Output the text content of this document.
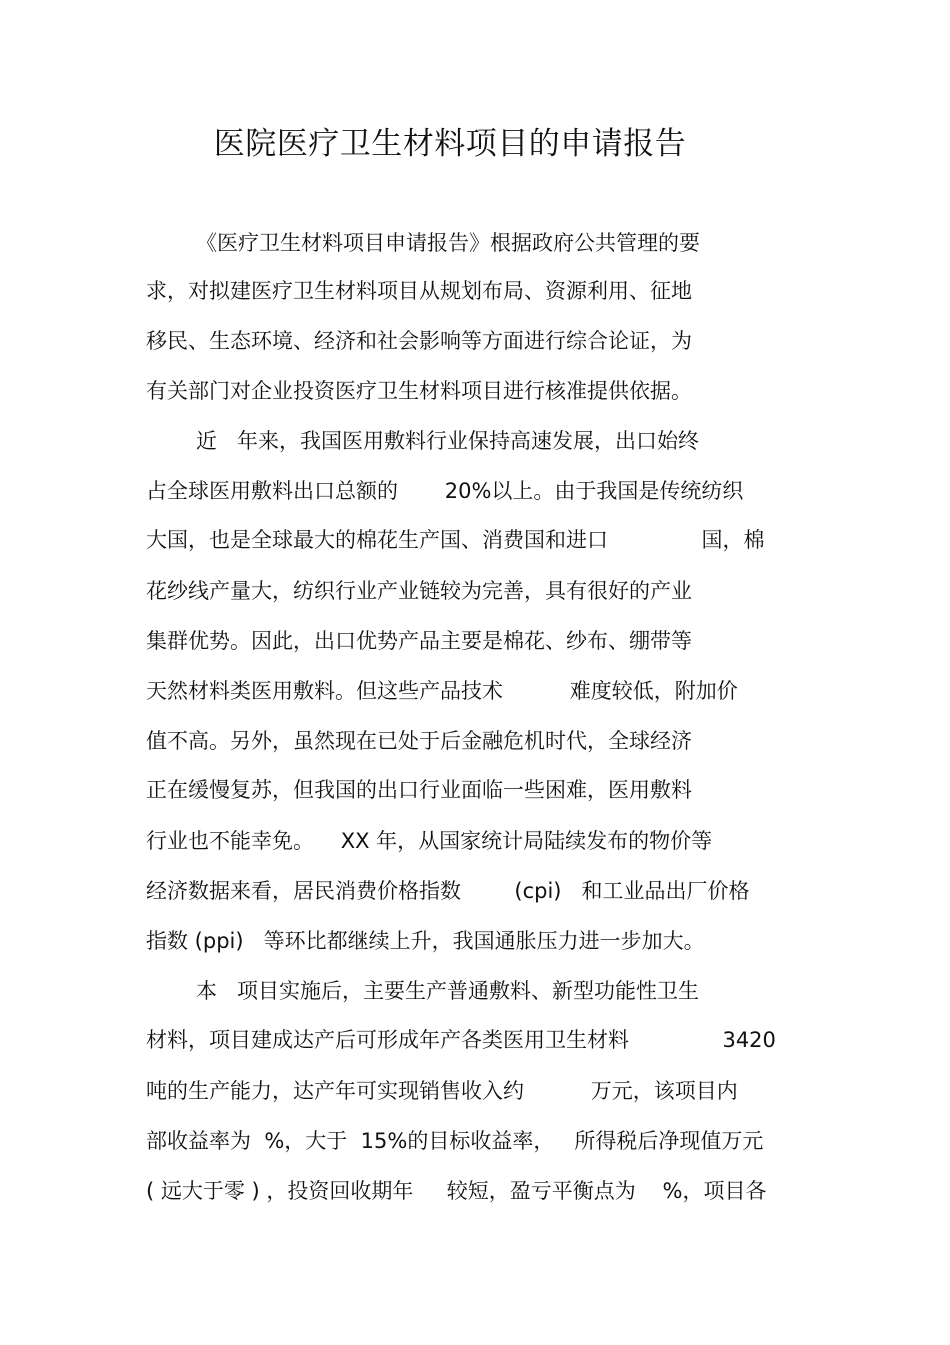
医院医疗卫生材料项目的申请报告
《医疗卫生材料项目申请报告》根据政府公共管理的要
求，对拟建医疗卫生材料项目从规划布局、资源利用、征地
移民、生态环境、经济和社会影响等方面进行综合论证，为
有关部门对企业投资医疗卫生材料项目进行核准提供依据。
近   年来，我国医用敷料行业保持高速发展，出口始终
占全球医用敷料出口总额的       20%以上。由于我国是传统纺织
大国，也是全球最大的棉花生产国、消费国和进口              国，棉
花纱线产量大，纺织行业产业链较为完善，具有很好的产业
集群优势。因此，出口优势产品主要是棉花、纱布、绷带等
天然材料类医用敷料。但这些产品技术          难度较低，附加价
值不高。另外，虽然现在已处于后金融危机时代，全球经济
正在缓慢复苏，但我国的出口行业面临一些困难，医用敷料
行业也不能幸免。    XX 年，从国家统计局陆续发布的物价等
经济数据来看，居民消费价格指数        (cpi)   和工业品出厂价格
指数 (ppi)   等环比都继续上升，我国通胀压力进一步加大。
本   项目实施后，主要生产普通敷料、新型功能性卫生
材料，项目建成达产后可形成年产各类医用卫生材料              3420
吨的生产能力，达产年可实现销售收入约          万元，该项目内
部收益率为  %，大于  15%的目标收益率，   所得税后净现值万元
( 远大于零 ) ，投资回收期年     较短，盈亏平衡点为    %，项目各
